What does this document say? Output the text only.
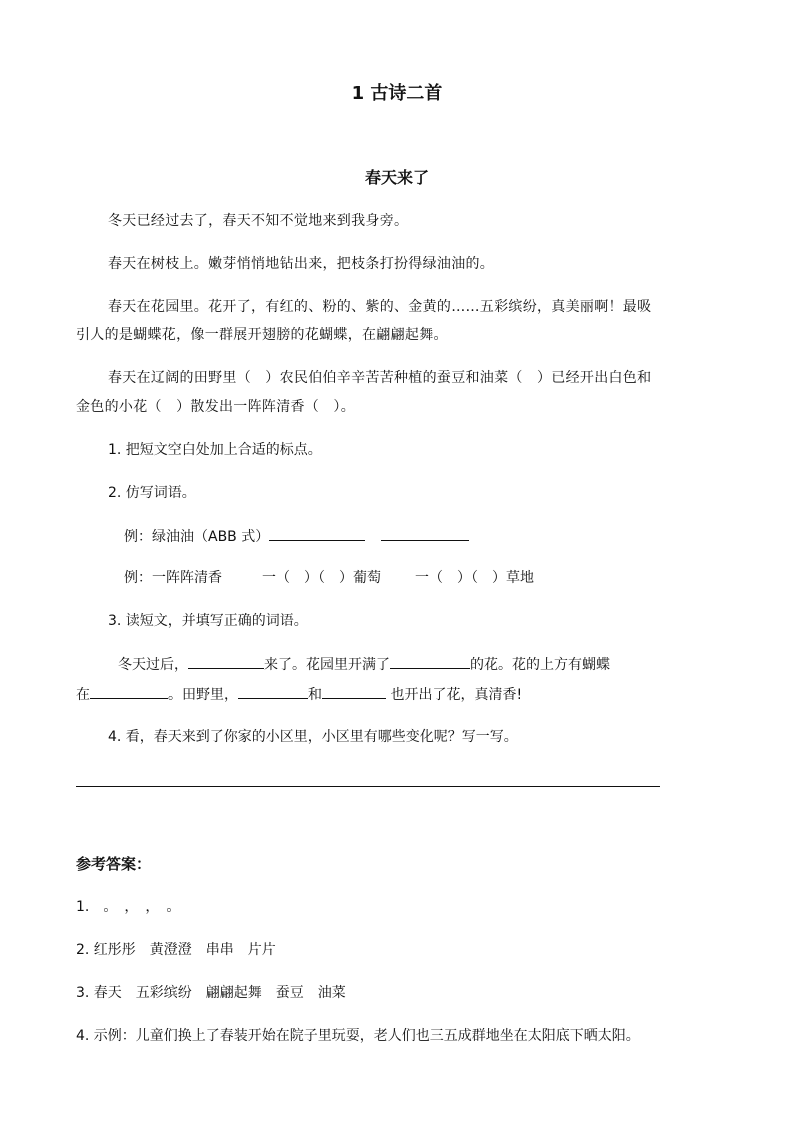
1 古诗二首
春天来了
冬天已经过去了，春天不知不觉地来到我身旁。
春天在树枝上。嫩芽悄悄地钻出来，把枝条打扮得绿油油的。
春天在花园里。花开了，有红的、粉的、紫的、金黄的……五彩缤纷，真美丽啊！最吸
引人的是蝴蝶花，像一群展开翅膀的花蝴蝶，在翩翩起舞。
春天在辽阔的田野里（　）农民伯伯辛辛苦苦种植的蚕豆和油菜（　）已经开出白色和
金色的小花（　）散发出一阵阵清香（　）。
1. 把短文空白处加上合适的标点。
2. 仿写词语。
例：绿油油（ABB 式）
例：一阵阵清香	一（　）（　）葡萄 一（　）（　）草地
3. 读短文，并填写正确的词语。
冬天过后，	来了。花园里开满了	的花。花的上方有蝴蝶
在	。田野里，	和	也开出了花，真清香!
4. 看，春天来到了你家的小区里，小区里有哪些变化呢？写一写。
参考答案：
1.　。　，　，　。
2. 红彤彤　黄澄澄　串串　片片
3. 春天　五彩缤纷　翩翩起舞　蚕豆　油菜
4. 示例：儿童们换上了春装开始在院子里玩耍，老人们也三五成群地坐在太阳底下晒太阳。
